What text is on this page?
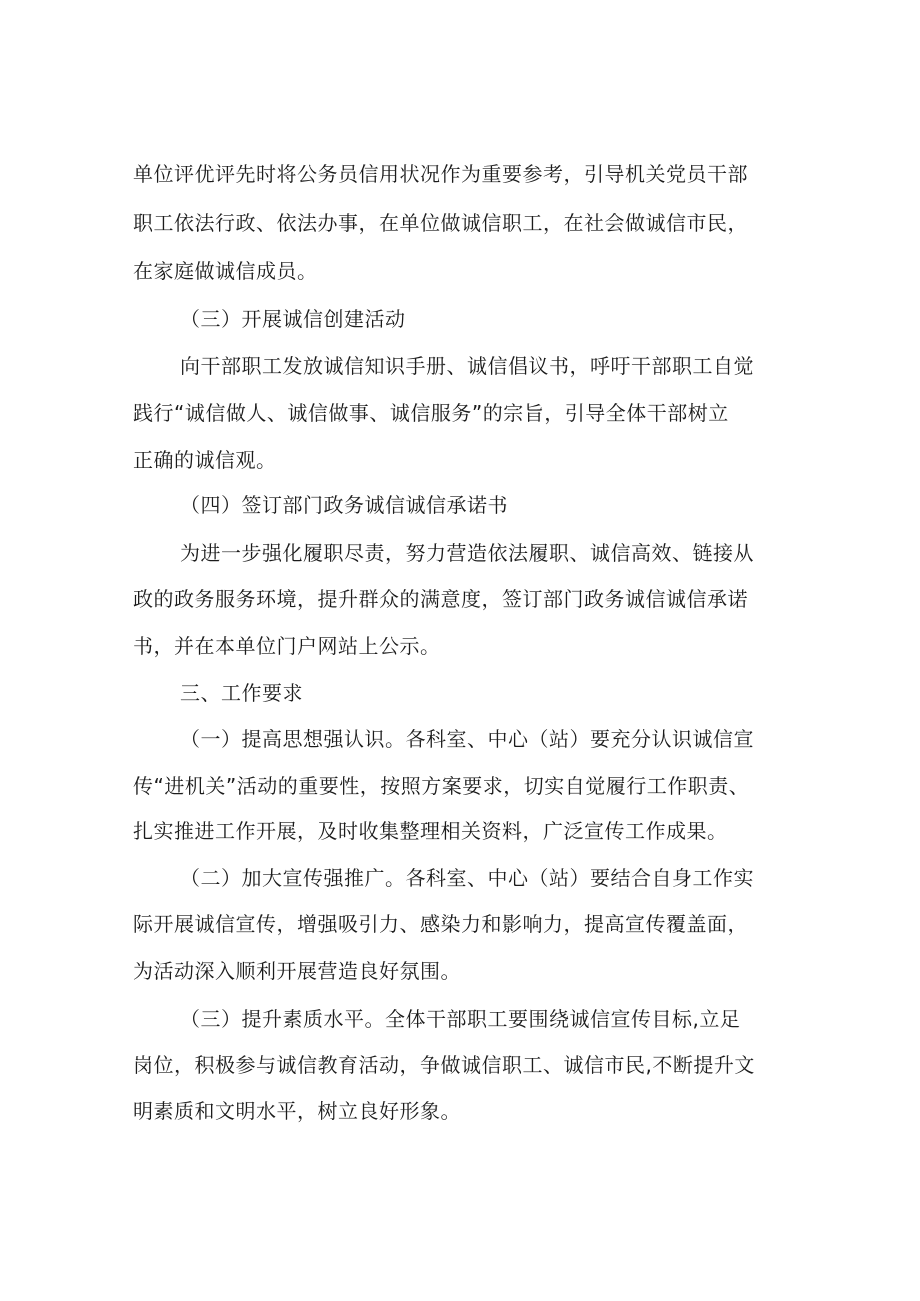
单位评优评先时将公务员信用状况作为重要参考，引导机关党员干部

职工依法行政、依法办事，在单位做诚信职工，在社会做诚信市民，

在家庭做诚信成员。

（三）开展诚信创建活动

向干部职工发放诚信知识手册、诚信倡议书，呼吁干部职工自觉

践行“诚信做人、诚信做事、诚信服务”的宗旨，引导全体干部树立

正确的诚信观。

（四）签订部门政务诚信诚信承诺书

为进一步强化履职尽责，努力营造依法履职、诚信高效、链接从

政的政务服务环境，提升群众的满意度，签订部门政务诚信诚信承诺

书，并在本单位门户网站上公示。

三、工作要求

（一）提高思想强认识。各科室、中心（站）要充分认识诚信宣

传“进机关”活动的重要性，按照方案要求，切实自觉履行工作职责、

扎实推进工作开展，及时收集整理相关资料，广泛宣传工作成果。

（二）加大宣传强推广。各科室、中心（站）要结合自身工作实

际开展诚信宣传，增强吸引力、感染力和影响力，提高宣传覆盖面，

为活动深入顺利开展营造良好氛围。

（三）提升素质水平。全体干部职工要围绕诚信宣传目标,立足

岗位，积极参与诚信教育活动，争做诚信职工、诚信市民,不断提升文

明素质和文明水平，树立良好形象。
